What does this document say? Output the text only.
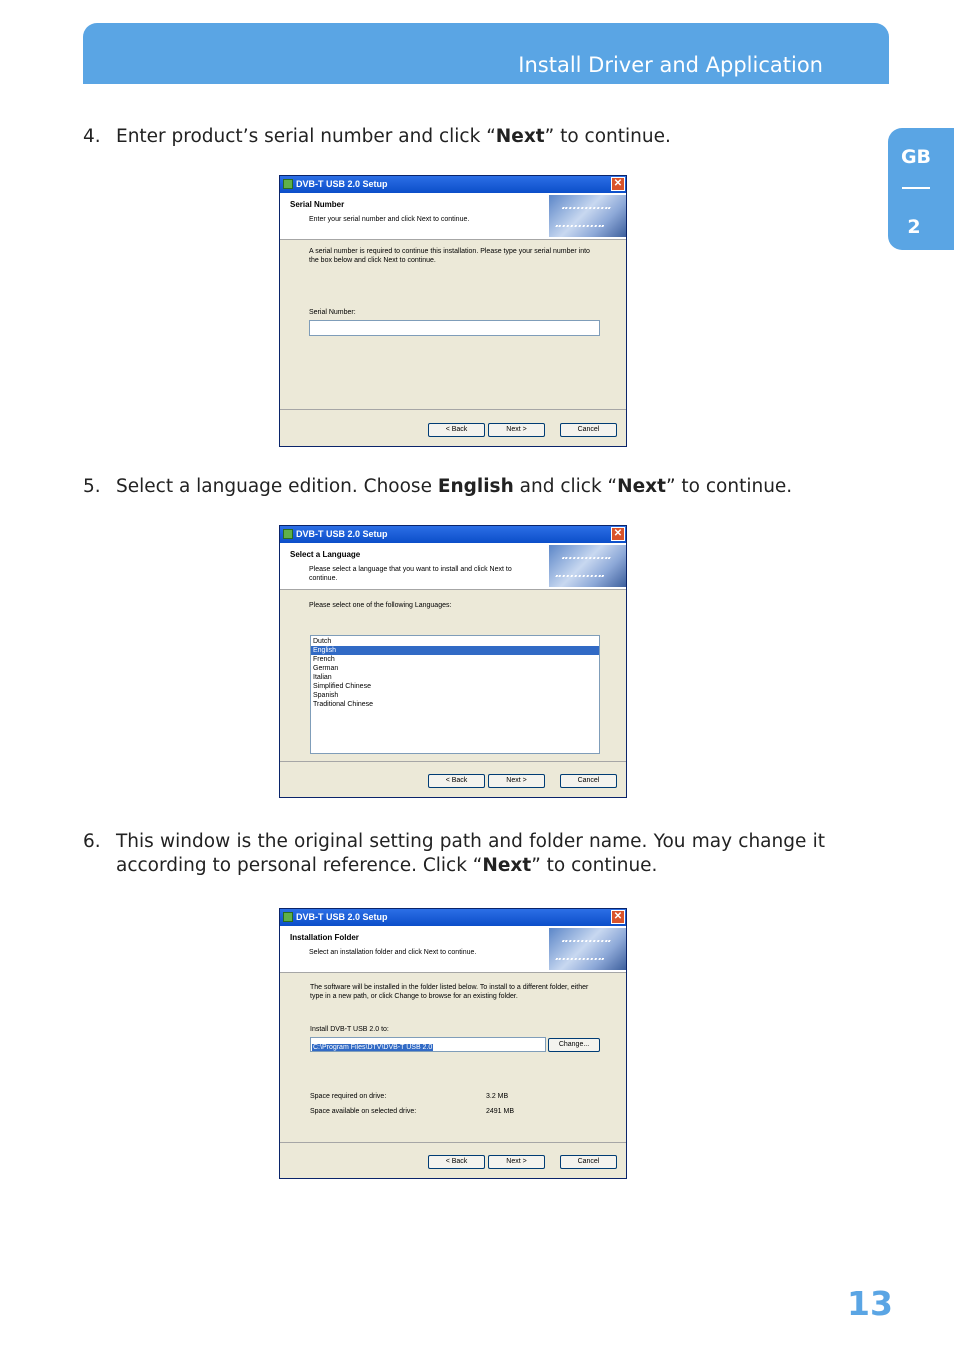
Install Driver and Application
GB
2
4. Enter product’s serial number and click “Next” to continue.
DVB-T USB 2.0 Setup	✕
Serial Number
Enter your serial number and click Next to continue.
A serial number is required to continue this installation. Please type your serial number into the box below and click Next to continue.
Serial Number:
< Back	Next >	Cancel
5. Select a language edition. Choose English and click “Next” to continue.
DVB-T USB 2.0 Setup	✕
Select a Language
Please select a language that you want to install and click Next to continue.
Please select one of the following Languages:
Dutch
English
French
German
Italian
Simplified Chinese
Spanish
Traditional Chinese
< Back	Next >	Cancel
6. This window is the original setting path and folder name. You may change it according to personal reference. Click “Next” to continue.
DVB-T USB 2.0 Setup	✕
Installation Folder
Select an installation folder and click Next to continue.
The software will be installed in the folder listed below. To install to a different folder, either type in a new path, or click Change to browse for an existing folder.
Install DVB-T USB 2.0 to:
C:\Program Files\DTV\DVB-T USB 2.0	Change...
Space required on drive:	3.2 MB
Space available on selected drive:	2491 MB
< Back	Next >	Cancel
13
